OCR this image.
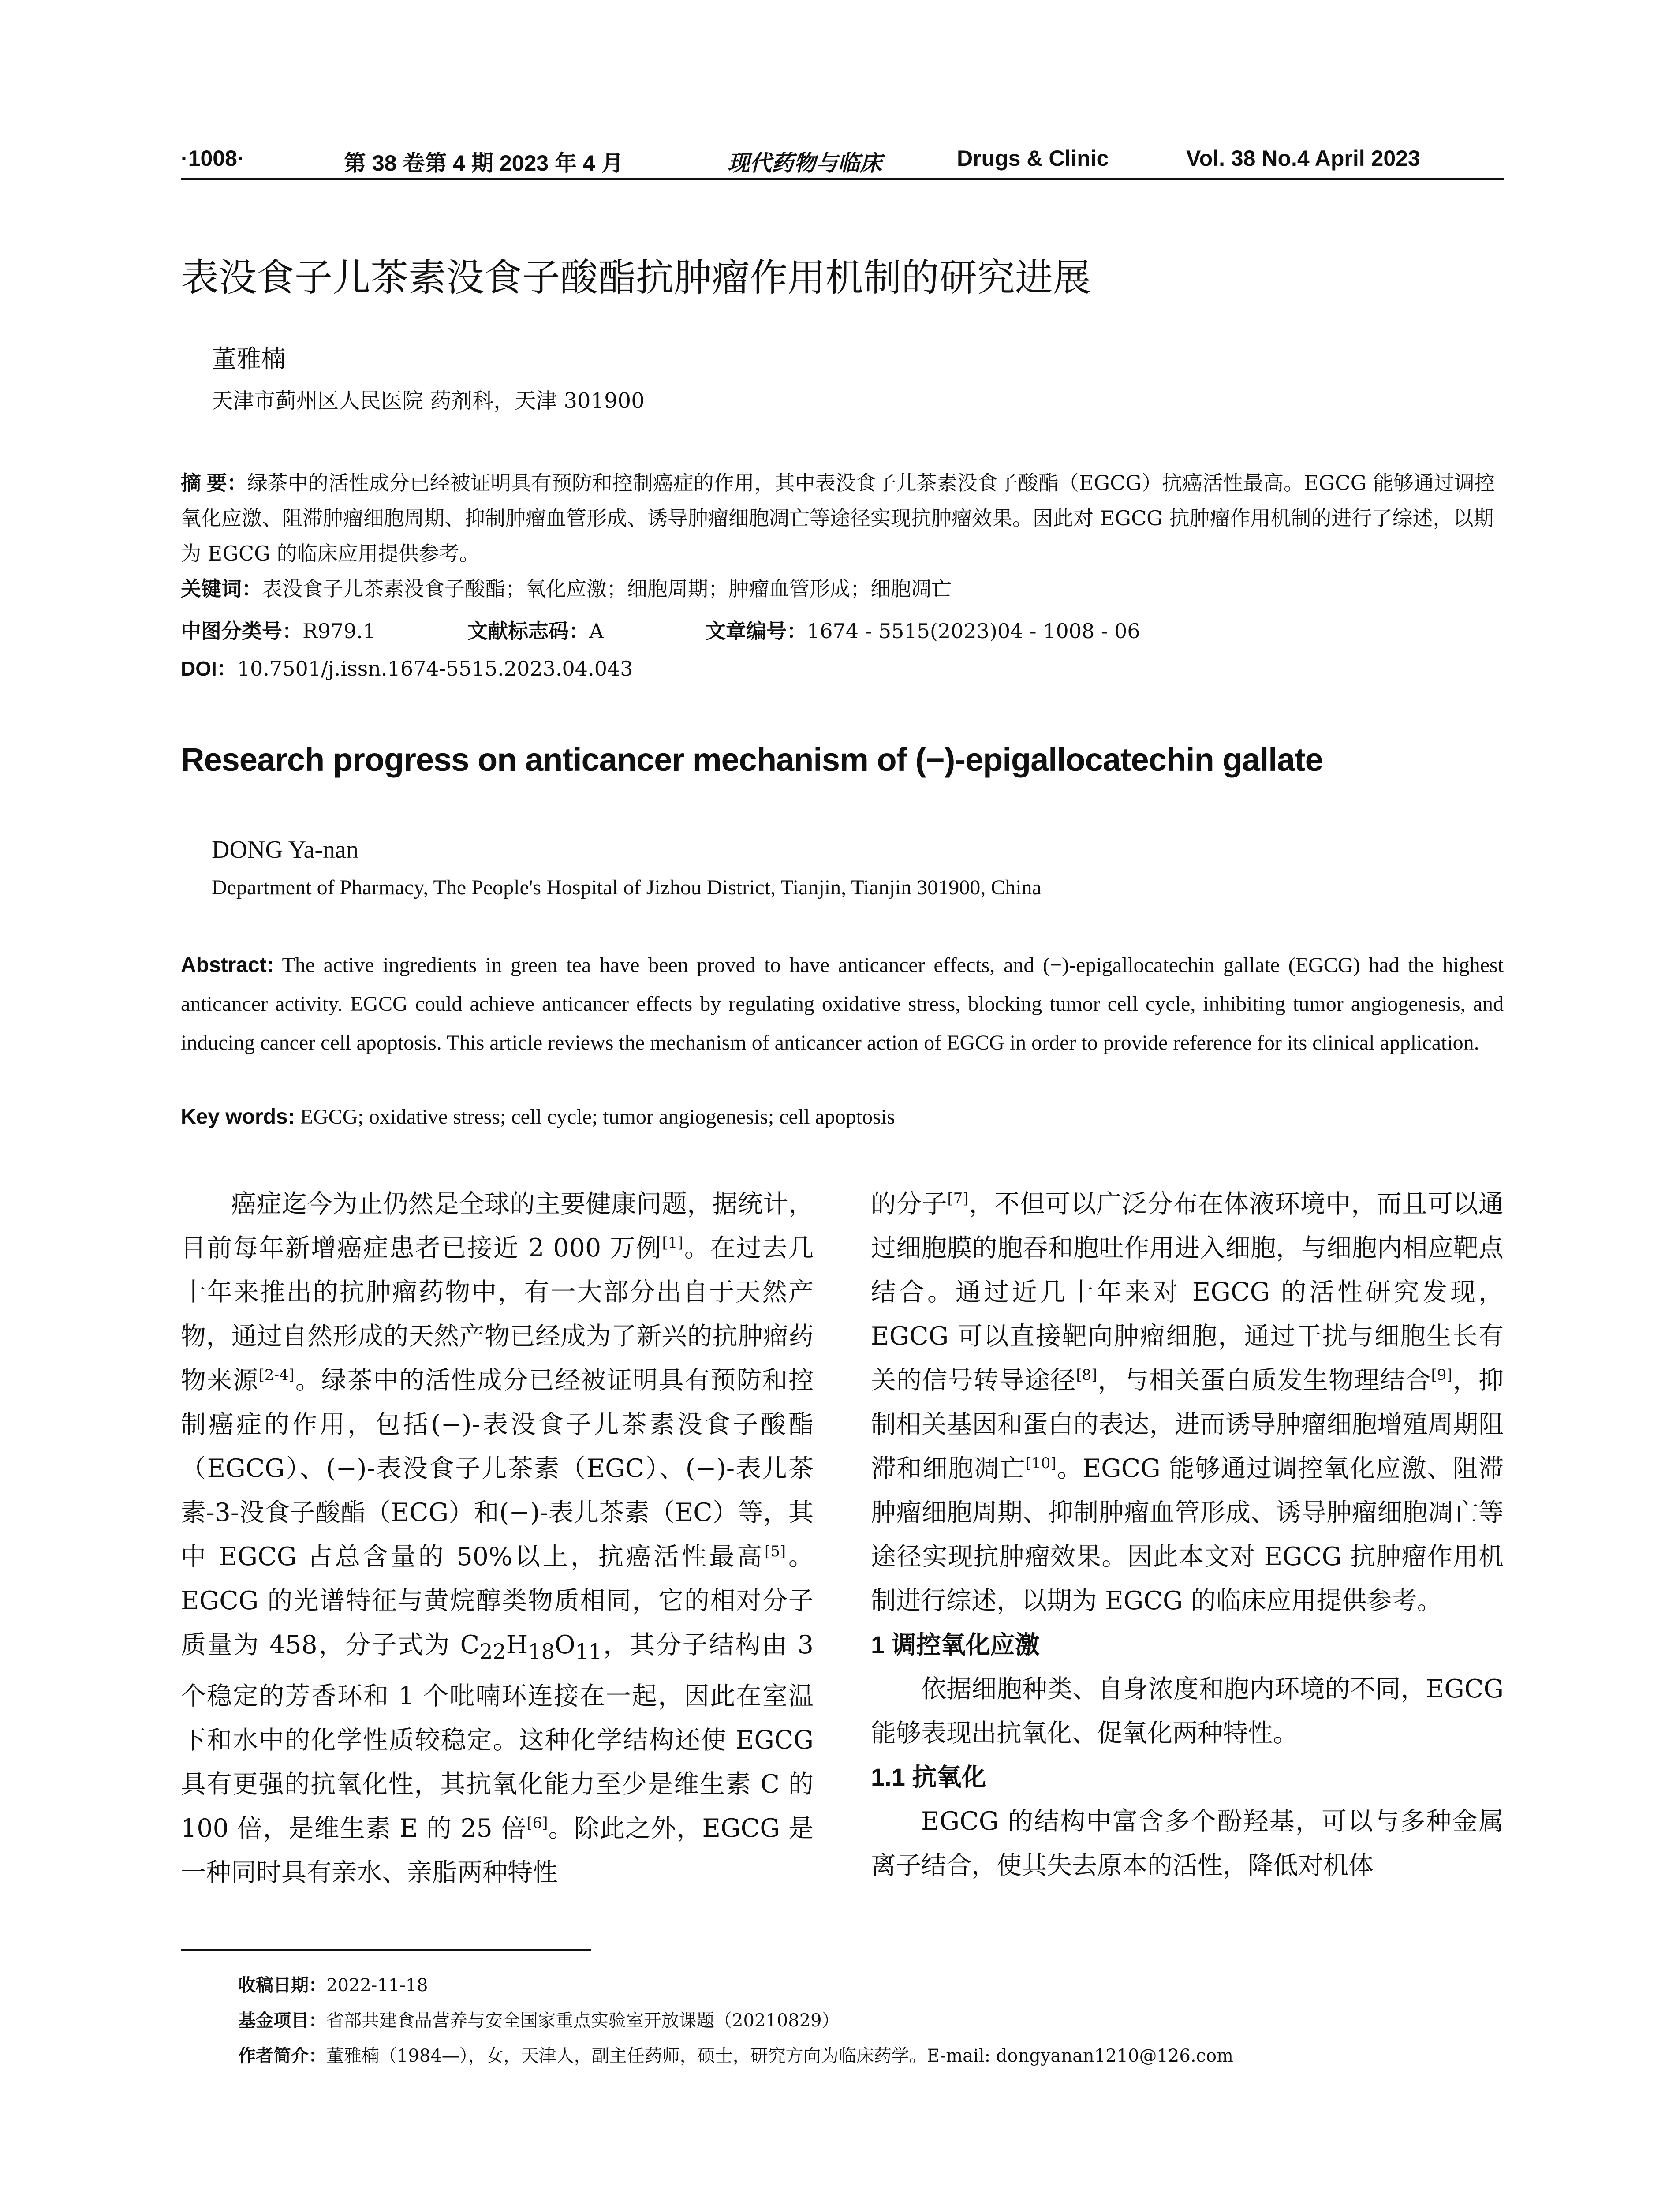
·1008·	第 38 卷第 4 期 2023 年 4 月	现代药物与临床	Drugs & Clinic	Vol. 38 No.4 April 2023
表没食子儿茶素没食子酸酯抗肿瘤作用机制的研究进展
董雅楠
天津市蓟州区人民医院 药剂科，天津 301900
摘 要：绿茶中的活性成分已经被证明具有预防和控制癌症的作用，其中表没食子儿茶素没食子酸酯（EGCG）抗癌活性最高。EGCG 能够通过调控氧化应激、阻滞肿瘤细胞周期、抑制肿瘤血管形成、诱导肿瘤细胞凋亡等途径实现抗肿瘤效果。因此对 EGCG 抗肿瘤作用机制的进行了综述，以期为 EGCG 的临床应用提供参考。
关键词：表没食子儿茶素没食子酸酯；氧化应激；细胞周期；肿瘤血管形成；细胞凋亡
中图分类号：R979.1	文献标志码：A	文章编号：1674 - 5515(2023)04 - 1008 - 06
DOI：10.7501/j.issn.1674-5515.2023.04.043
Research progress on anticancer mechanism of (−)-epigallocatechin gallate
DONG Ya-nan
Department of Pharmacy, The People's Hospital of Jizhou District, Tianjin, Tianjin 301900, China
Abstract: The active ingredients in green tea have been proved to have anticancer effects, and (−)-epigallocatechin gallate (EGCG) had the highest anticancer activity. EGCG could achieve anticancer effects by regulating oxidative stress, blocking tumor cell cycle, inhibiting tumor angiogenesis, and inducing cancer cell apoptosis. This article reviews the mechanism of anticancer action of EGCG in order to provide reference for its clinical application.
Key words: EGCG; oxidative stress; cell cycle; tumor angiogenesis; cell apoptosis

癌症迄今为止仍然是全球的主要健康问题，据统计，目前每年新增癌症患者已接近 2 000 万例[1]。在过去几十年来推出的抗肿瘤药物中，有一大部分出自于天然产物，通过自然形成的天然产物已经成为了新兴的抗肿瘤药物来源[2-4]。绿茶中的活性成分已经被证明具有预防和控制癌症的作用，包括(−)-表没食子儿茶素没食子酸酯（EGCG）、(−)-表没食子儿茶素（EGC）、(−)-表儿茶素-3-没食子酸酯（ECG）和(−)-表儿茶素（EC）等，其中 EGCG 占总含量的 50%以上，抗癌活性最高[5]。EGCG 的光谱特征与黄烷醇类物质相同，它的相对分子质量为 458，分子式为 $C_{22}H_{18}O_{11}$，其分子结构由 3 个稳定的芳香环和 1 个吡喃环连接在一起，因此在室温下和水中的化学性质较稳定。这种化学结构还使 EGCG 具有更强的抗氧化性，其抗氧化能力至少是维生素 C 的 100 倍，是维生素 E 的 25 倍[6]。除此之外，EGCG 是一种同时具有亲水、亲脂两种特性

的分子[7]，不但可以广泛分布在体液环境中，而且可以通过细胞膜的胞吞和胞吐作用进入细胞，与细胞内相应靶点结合。通过近几十年来对 EGCG 的活性研究发现，EGCG 可以直接靶向肿瘤细胞，通过干扰与细胞生长有关的信号转导途径[8]，与相关蛋白质发生物理结合[9]，抑制相关基因和蛋白的表达，进而诱导肿瘤细胞增殖周期阻滞和细胞凋亡[10]。EGCG 能够通过调控氧化应激、阻滞肿瘤细胞周期、抑制肿瘤血管形成、诱导肿瘤细胞凋亡等途径实现抗肿瘤效果。因此本文对 EGCG 抗肿瘤作用机制进行综述，以期为 EGCG 的临床应用提供参考。

1 调控氧化应激

依据细胞种类、自身浓度和胞内环境的不同，EGCG 能够表现出抗氧化、促氧化两种特性。

1.1 抗氧化

EGCG 的结构中富含多个酚羟基，可以与多种金属离子结合，使其失去原本的活性，降低对机体

收稿日期：2022-11-18
基金项目：省部共建食品营养与安全国家重点实验室开放课题（20210829）
作者简介：董雅楠（1984—），女，天津人，副主任药师，硕士，研究方向为临床药学。E-mail: dongyanan1210@126.com
